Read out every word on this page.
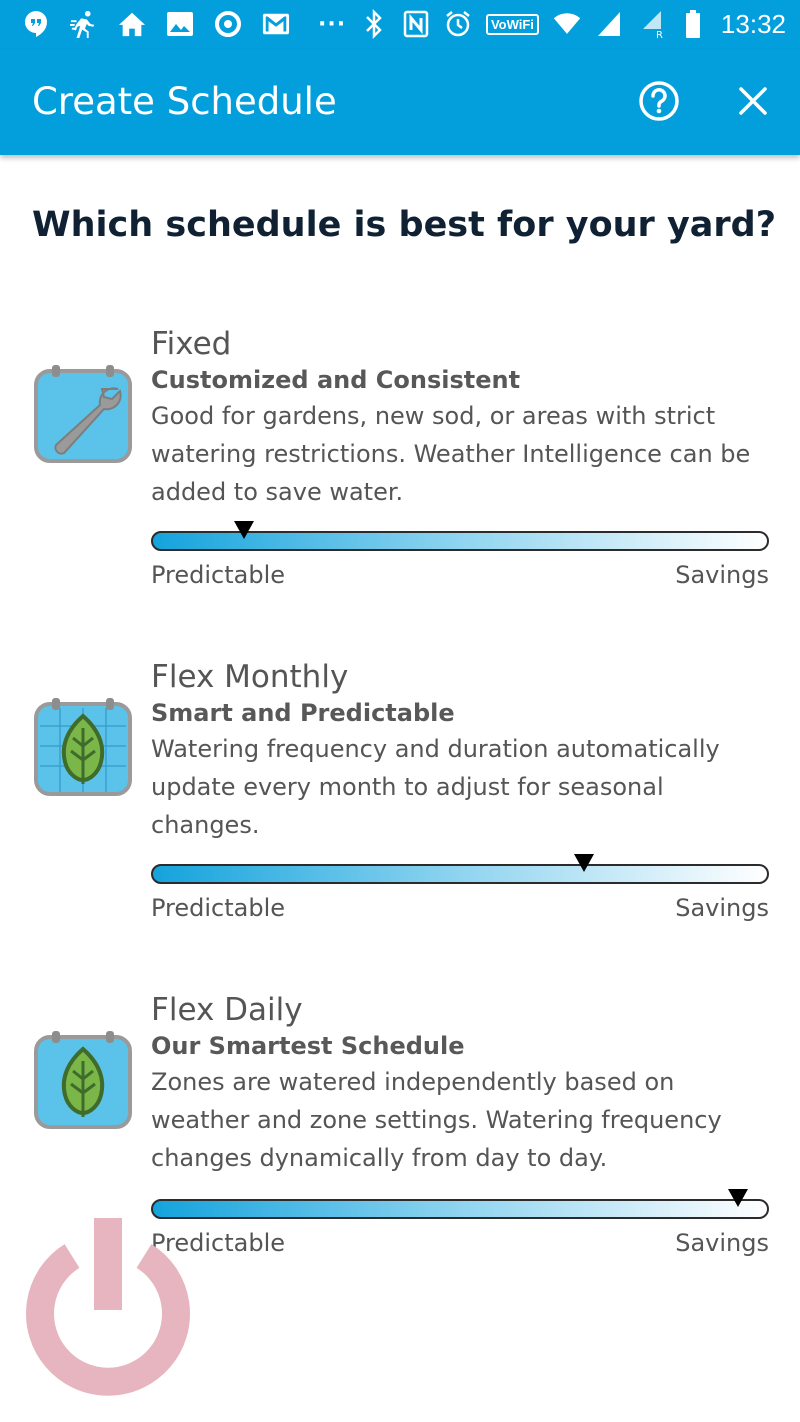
···	VoWiFi
R 13:32
Create Schedule
Which schedule is best for your yard?

Fixed

Customized and Consistent

Good for gardens, new sod, or areas with strict watering restrictions. Weather Intelligence can be added to save water.

Predictable	Savings

Flex Monthly

Smart and Predictable

Watering frequency and duration automatically update every month to adjust for seasonal changes.

Predictable	Savings

Flex Daily

Our Smartest Schedule

Zones are watered independently based on weather and zone settings. Watering frequency changes dynamically from day to day.

Predictable	Savings
